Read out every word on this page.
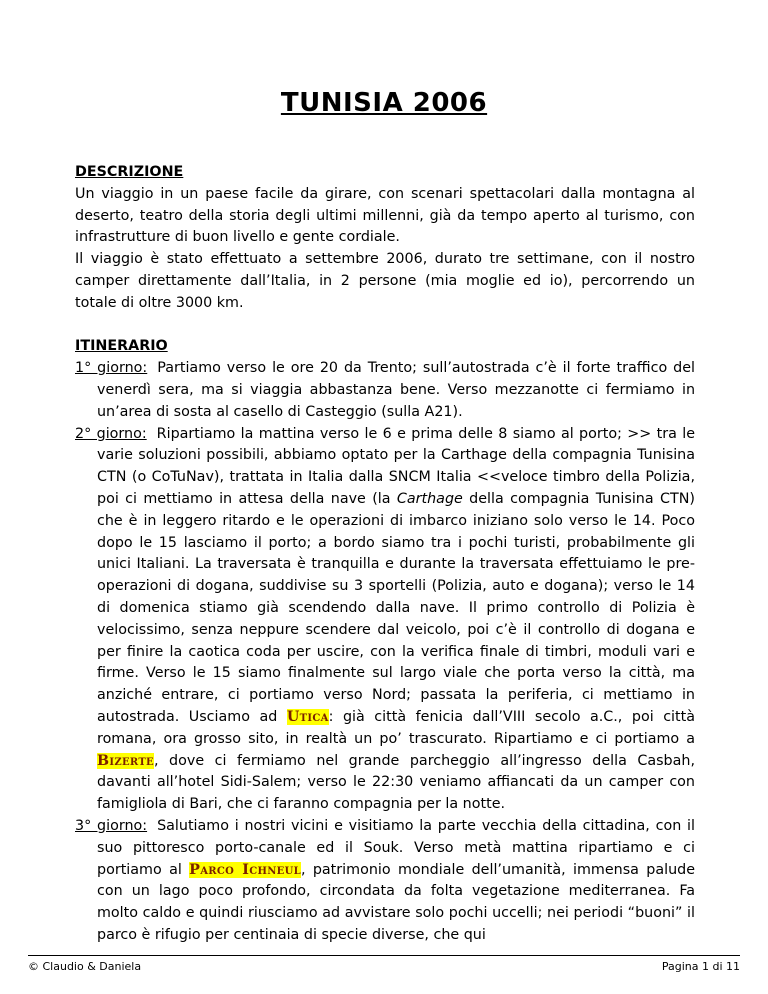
TUNISIA 2006

DESCRIZIONE

Un viaggio in un paese facile da girare, con scenari spettacolari dalla montagna al deserto, teatro della storia degli ultimi millenni, già da tempo aperto al turismo, con infrastrutture di buon livello e gente cordiale.

Il viaggio è stato effettuato a settembre 2006, durato tre settimane, con il nostro camper direttamente dall’Italia, in 2 persone (mia moglie ed io), percorrendo un totale di oltre 3000 km.

ITINERARIO

1° giorno: Partiamo verso le ore 20 da Trento; sull’autostrada c’è il forte traffico del venerdì sera, ma si viaggia abbastanza bene. Verso mezzanotte ci fermiamo in un’area di sosta al casello di Casteggio (sulla A21).

2° giorno: Ripartiamo la mattina verso le 6 e prima delle 8 siamo al porto; >> tra le varie soluzioni possibili, abbiamo optato per la Carthage della compagnia Tunisina CTN (o CoTuNav), trattata in Italia dalla SNCM Italia <<veloce timbro della Polizia, poi ci mettiamo in attesa della nave (la Carthage della compagnia Tunisina CTN) che è in leggero ritardo e le operazioni di imbarco iniziano solo verso le 14. Poco dopo le 15 lasciamo il porto; a bordo siamo tra i pochi turisti, probabilmente gli unici Italiani. La traversata è tranquilla e durante la traversata effettuiamo le pre-operazioni di dogana, suddivise su 3 sportelli (Polizia, auto e dogana); verso le 14 di domenica stiamo già scendendo dalla nave. Il primo controllo di Polizia è velocissimo, senza neppure scendere dal veicolo, poi c’è il controllo di dogana e per finire la caotica coda per uscire, con la verifica finale di timbri, moduli vari e firme. Verso le 15 siamo finalmente sul largo viale che porta verso la città, ma anziché entrare, ci portiamo verso Nord; passata la periferia, ci mettiamo in autostrada. Usciamo ad Utica: già città fenicia dall’VIII secolo a.C., poi città romana, ora grosso sito, in realtà un po’ trascurato. Ripartiamo e ci portiamo a Bizerte, dove ci fermiamo nel grande parcheggio all’ingresso della Casbah, davanti all’hotel Sidi-Salem; verso le 22:30 veniamo affiancati da un camper con famigliola di Bari, che ci faranno compagnia per la notte.

3° giorno: Salutiamo i nostri vicini e visitiamo la parte vecchia della cittadina, con il suo pittoresco porto-canale ed il Souk. Verso metà mattina ripartiamo e ci portiamo al Parco Ichneul, patrimonio mondiale dell’umanità, immensa palude con un lago poco profondo, circondata da folta vegetazione mediterranea. Fa molto caldo e quindi riusciamo ad avvistare solo pochi uccelli; nei periodi “buoni” il parco è rifugio per centinaia di specie diverse, che qui

© Claudio & Daniela	Pagina 1 di 11
